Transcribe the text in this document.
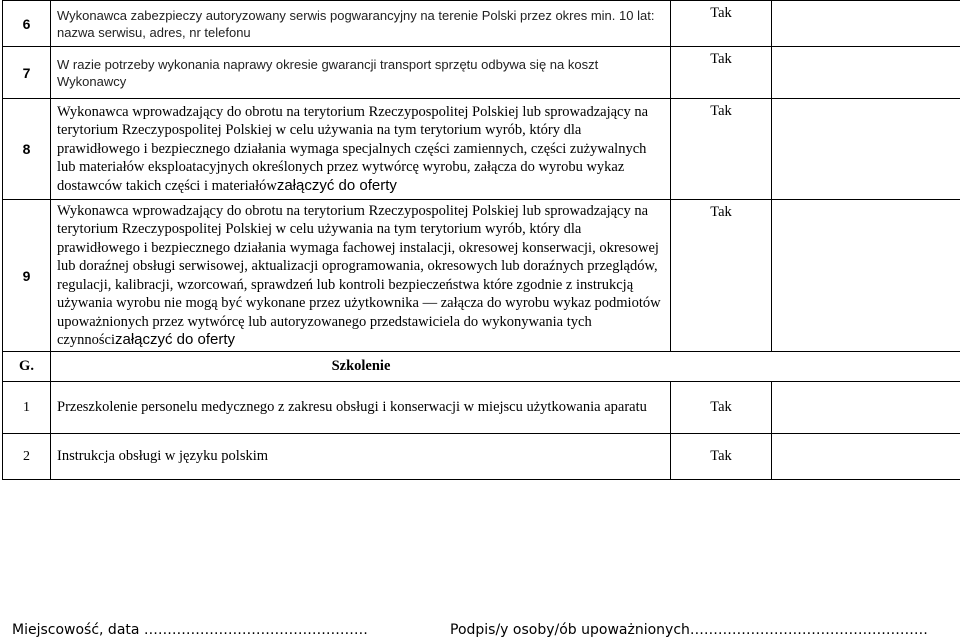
6	Wykonawca zabezpieczy autoryzowany serwis pogwarancyjny na terenie Polski przez okres min. 10 lat: nazwa serwisu, adres, nr telefonu	Tak	
7	W razie potrzeby wykonania naprawy okresie gwarancji transport sprzętu odbywa się na koszt Wykonawcy	Tak	
8	Wykonawca wprowadzający do obrotu na terytorium Rzeczypospolitej Polskiej lub sprowadzający na terytorium Rzeczypospolitej Polskiej w celu używania na tym terytorium wyrób, który dla prawidłowego i bezpiecznego działania wymaga specjalnych części zamiennych, części zużywalnych lub materiałów eksploatacyjnych określonych przez wytwórcę wyrobu, załącza do wyrobu wykaz dostawców takich części i materiałówzałączyć do oferty	Tak	
9	Wykonawca wprowadzający do obrotu na terytorium Rzeczypospolitej Polskiej lub sprowadzający na terytorium Rzeczypospolitej Polskiej w celu używania na tym terytorium wyrób, który dla prawidłowego i bezpiecznego działania wymaga fachowej instalacji, okresowej konserwacji, okresowej lub doraźnej obsługi serwisowej, aktualizacji oprogramowania, okresowych lub doraźnych przeglądów, regulacji, kalibracji, wzorcowań, sprawdzeń lub kontroli bezpieczeństwa które zgodnie z instrukcją używania wyrobu nie mogą być wykonane przez użytkownika — załącza do wyrobu wykaz podmiotów upoważnionych przez wytwórcę lub autoryzowanego przedstawiciela do wykonywania tych czynnościzałączyć do oferty	Tak	
G.	Szkolenie		
1	Przeszkolenie personelu medycznego z zakresu obsługi i konserwacji w miejscu użytkowania aparatu	Tak	
2	Instrukcja obsługi w języku polskim	Tak	
Miejscowość, data …………………………………………	Podpis/y osoby/ób upoważnionych……………………………………………
